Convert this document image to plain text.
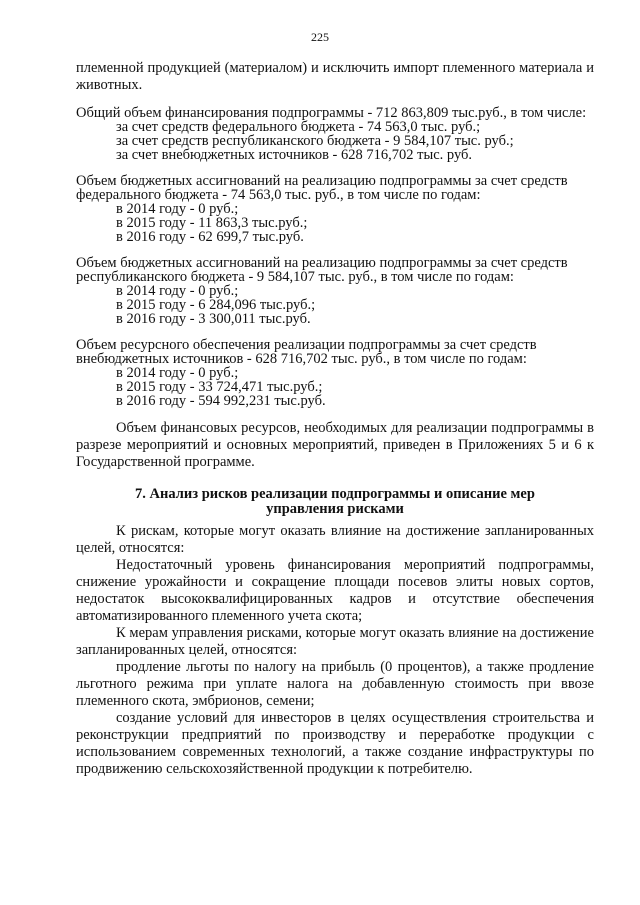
225

племенной продукцией (материалом) и исключить импорт племенного материала и животных.

Общий объем финансирования подпрограммы - 712 863,809 тыс.руб., в том числе:

за счет средств федерального бюджета - 74 563,0 тыс. руб.;
за счет средств республиканского бюджета - 9 584,107 тыс. руб.;
за счет внебюджетных источников - 628 716,702 тыс. руб.

Объем бюджетных ассигнований на реализацию подпрограммы за счет средств федерального бюджета - 74 563,0 тыс. руб., в том числе по годам:

в 2014 году - 0 руб.;
в 2015 году - 11 863,3 тыс.руб.;
в 2016 году - 62 699,7 тыс.руб.

Объем бюджетных ассигнований на реализацию подпрограммы за счет средств республиканского бюджета - 9 584,107 тыс. руб., в том числе по годам:

в 2014 году - 0 руб.;
в 2015 году - 6 284,096 тыс.руб.;
в 2016 году - 3 300,011 тыс.руб.

Объем ресурсного обеспечения реализации подпрограммы за счет средств внебюджетных источников - 628 716,702 тыс. руб., в том числе по годам:

в 2014 году - 0 руб.;
в 2015 году - 33 724,471 тыс.руб.;
в 2016 году - 594 992,231 тыс.руб.

Объем финансовых ресурсов, необходимых для реализации подпрограммы в разрезе мероприятий и основных мероприятий, приведен в Приложениях 5 и 6 к Государственной программе.

7. Анализ рисков реализации подпрограммы и описание мер
управления рисками

К рискам, которые могут оказать влияние на достижение запланированных целей, относятся:

Недостаточный уровень финансирования мероприятий подпрограммы, снижение урожайности и сокращение площади посевов элиты новых сортов, недостаток высококвалифицированных кадров и отсутствие обеспечения автоматизированного племенного учета скота;

К мерам управления рисками, которые могут оказать влияние на достижение запланированных целей, относятся:

продление льготы по налогу на прибыль (0 процентов), а также продление льготного режима при уплате налога на добавленную стоимость при ввозе племенного скота, эмбрионов, семени;

создание условий для инвесторов в целях осуществления строительства и реконструкции предприятий по производству и переработке продукции с использованием современных технологий, а также создание инфраструктуры по продвижению сельскохозяйственной продукции к потребителю.
